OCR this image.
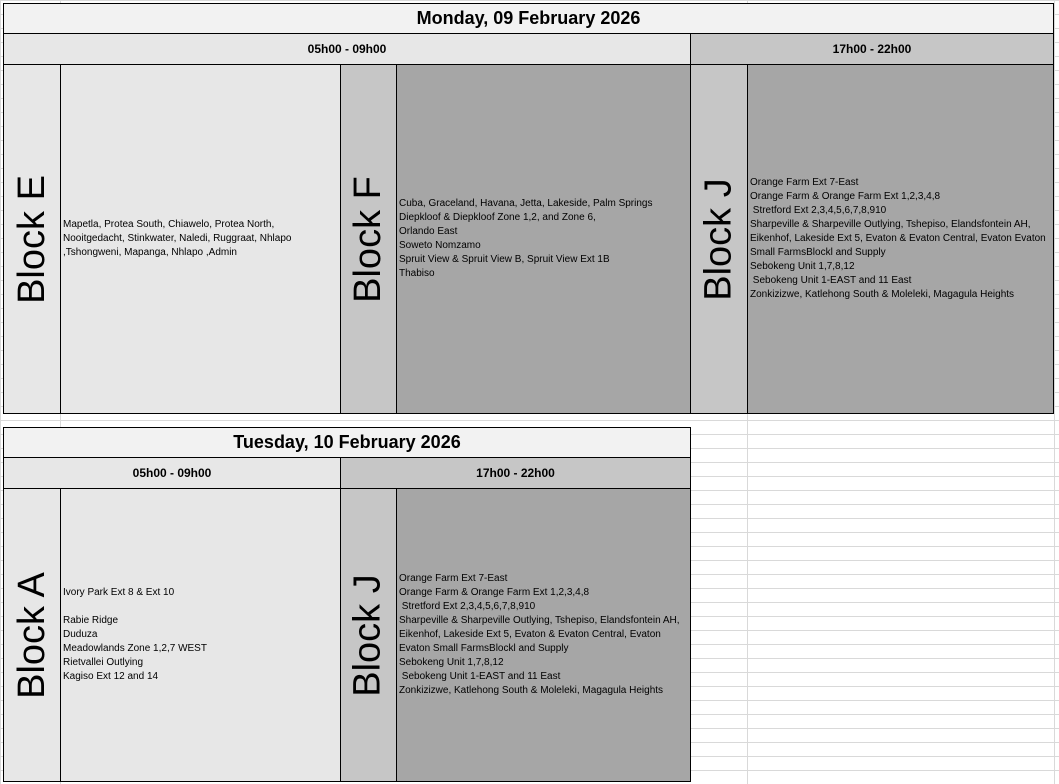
Monday, 09 February 2026
05h00 - 09h00	17h00 - 22h00
Block E Mapetla, Protea South, Chiawelo, Protea North,
Nooitgedacht, Stinkwater, Naledi, Ruggraat, Nhlapo
,Tshongweni, Mapanga, Nhlapo ,Admin	Block F Cuba, Graceland, Havana, Jetta, Lakeside, Palm Springs
Diepkloof & Diepkloof Zone 1,2, and Zone 6,
Orlando East
Soweto Nomzamo
Spruit View & Spruit View B, Spruit View Ext 1B
Thabiso	Block J Orange Farm Ext 7-East
Orange Farm & Orange Farm Ext 1,2,3,4,8
Stretford Ext 2,3,4,5,6,7,8,910
Sharpeville & Sharpeville Outlying, Tshepiso, Elandsfontein AH,
Eikenhof, Lakeside Ext 5, Evaton & Evaton Central, Evaton Evaton
Small FarmsBlockl and Supply
Sebokeng Unit 1,7,8,12
Sebokeng Unit 1-EAST and 11 East
Zonkizizwe, Katlehong South & Moleleki, Magagula Heights
Tuesday, 10 February 2026
05h00 - 09h00	17h00 - 22h00
Block A Ivory Park Ext 8 & Ext 10

Rabie Ridge
Duduza
Meadowlands Zone 1,2,7 WEST
Rietvallei Outlying
Kagiso Ext 12 and 14	Block J Orange Farm Ext 7-East
Orange Farm & Orange Farm Ext 1,2,3,4,8
Stretford Ext 2,3,4,5,6,7,8,910
Sharpeville & Sharpeville Outlying, Tshepiso, Elandsfontein AH,
Eikenhof, Lakeside Ext 5, Evaton & Evaton Central, Evaton
Evaton Small FarmsBlockl and Supply
Sebokeng Unit 1,7,8,12
Sebokeng Unit 1-EAST and 11 East
Zonkizizwe, Katlehong South & Moleleki, Magagula Heights
